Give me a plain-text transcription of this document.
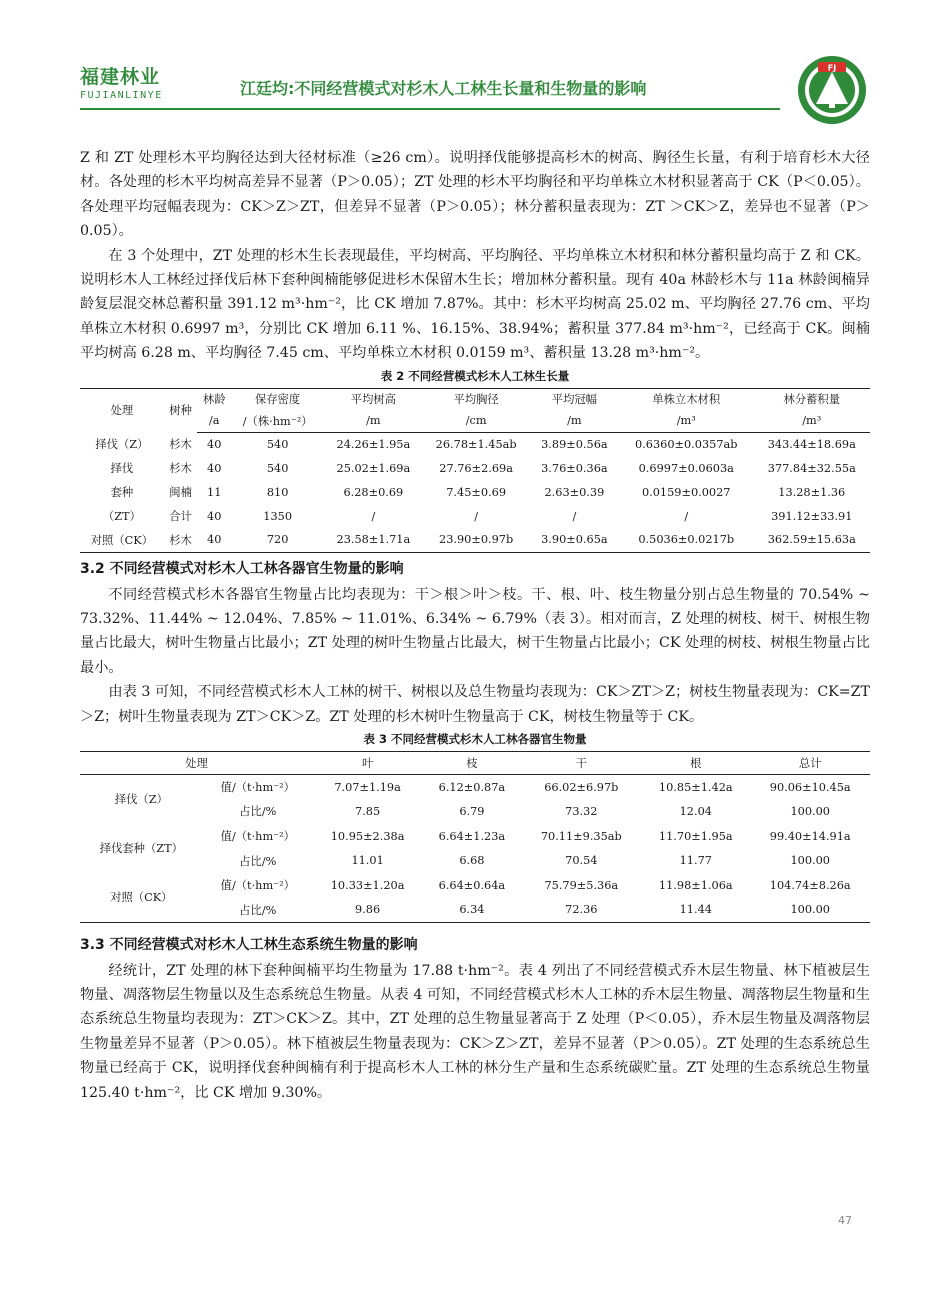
福建林业
FUJIANLINYE	江廷均:不同经营模式对杉木人工林生长量和生物量的影响
FJ

Z 和 ZT 处理杉木平均胸径达到大径材标准（≥26 cm）。说明择伐能够提高杉木的树高、胸径生长量，有利于培育杉木大径材。各处理的杉木平均树高差异不显著（P＞0.05）；ZT 处理的杉木平均胸径和平均单株立木材积显著高于 CK（P＜0.05）。各处理平均冠幅表现为：CK＞Z＞ZT，但差异不显著（P＞0.05）；林分蓄积量表现为：ZT ＞CK＞Z，差异也不显著（P＞0.05）。

在 3 个处理中，ZT 处理的杉木生长表现最佳，平均树高、平均胸径、平均单株立木材积和林分蓄积量均高于 Z 和 CK。说明杉木人工林经过择伐后林下套种闽楠能够促进杉木保留木生长；增加林分蓄积量。现有 40a 林龄杉木与 11a 林龄闽楠异龄复层混交林总蓄积量 391.12 m³·hm⁻²，比 CK 增加 7.87%。其中：杉木平均树高 25.02 m、平均胸径 27.76 cm、平均单株立木材积 0.6997 m³，分别比 CK 增加 6.11 %、16.15%、38.94%；蓄积量 377.84 m³·hm⁻²，已经高于 CK。闽楠平均树高 6.28 m、平均胸径 7.45 cm、平均单株立木材积 0.0159 m³、蓄积量 13.28 m³·hm⁻²。

表 2 不同经营模式杉木人工林生长量
处理	树种	林龄	保存密度	平均树高	平均胸径	平均冠幅	单株立木材积	林分蓄积量
		/a	/（株·hm⁻²）	/m	/cm	/m	/m³	/m³
择伐（Z）	杉木	40	540	24.26±1.95a	26.78±1.45ab	3.89±0.56a	0.6360±0.0357ab	343.44±18.69a
择伐	杉木	40	540	25.02±1.69a	27.76±2.69a	3.76±0.36a	0.6997±0.0603a	377.84±32.55a
套种	闽楠	11	810	6.28±0.69	7.45±0.69	2.63±0.39	0.0159±0.0027	13.28±1.36
（ZT）	合计	40	1350	/	/	/	/	391.12±33.91
对照（CK）	杉木	40	720	23.58±1.71a	23.90±0.97b	3.90±0.65a	0.5036±0.0217b	362.59±15.63a
3.2 不同经营模式对杉木人工林各器官生物量的影响

不同经营模式杉木各器官生物量占比均表现为：干＞根＞叶＞枝。干、根、叶、枝生物量分别占总生物量的 70.54% ~ 73.32%、11.44% ~ 12.04%、7.85% ~ 11.01%、6.34% ~ 6.79%（表 3）。相对而言，Z 处理的树枝、树干、树根生物量占比最大，树叶生物量占比最小；ZT 处理的树叶生物量占比最大，树干生物量占比最小；CK 处理的树枝、树根生物量占比最小。

由表 3 可知，不同经营模式杉木人工林的树干、树根以及总生物量均表现为：CK＞ZT＞Z；树枝生物量表现为：CK=ZT＞Z；树叶生物量表现为 ZT＞CK＞Z。ZT 处理的杉木树叶生物量高于 CK，树枝生物量等于 CK。

表 3 不同经营模式杉木人工林各器官生物量
处理		叶	枝	干	根	总计
择伐（Z）	值/（t·hm⁻²）	7.07±1.19a	6.12±0.87a	66.02±6.97b	10.85±1.42a	90.06±10.45a
	占比/%	7.85	6.79	73.32	12.04	100.00
择伐套种（ZT）	值/（t·hm⁻²）	10.95±2.38a	6.64±1.23a	70.11±9.35ab	11.70±1.95a	99.40±14.91a
	占比/%	11.01	6.68	70.54	11.77	100.00
对照（CK）	值/（t·hm⁻²）	10.33±1.20a	6.64±0.64a	75.79±5.36a	11.98±1.06a	104.74±8.26a
	占比/%	9.86	6.34	72.36	11.44	100.00
3.3 不同经营模式对杉木人工林生态系统生物量的影响

经统计，ZT 处理的林下套种闽楠平均生物量为 17.88 t·hm⁻²。表 4 列出了不同经营模式乔木层生物量、林下植被层生物量、凋落物层生物量以及生态系统总生物量。从表 4 可知，不同经营模式杉木人工林的乔木层生物量、凋落物层生物量和生态系统总生物量均表现为：ZT＞CK＞Z。其中，ZT 处理的总生物量显著高于 Z 处理（P＜0.05），乔木层生物量及凋落物层生物量差异不显著（P＞0.05）。林下植被层生物量表现为：CK＞Z＞ZT，差异不显著（P＞0.05）。ZT 处理的生态系统总生物量已经高于 CK，说明择伐套种闽楠有利于提高杉木人工林的林分生产量和生态系统碳贮量。ZT 处理的生态系统总生物量 125.40 t·hm⁻²，比 CK 增加 9.30%。

47
